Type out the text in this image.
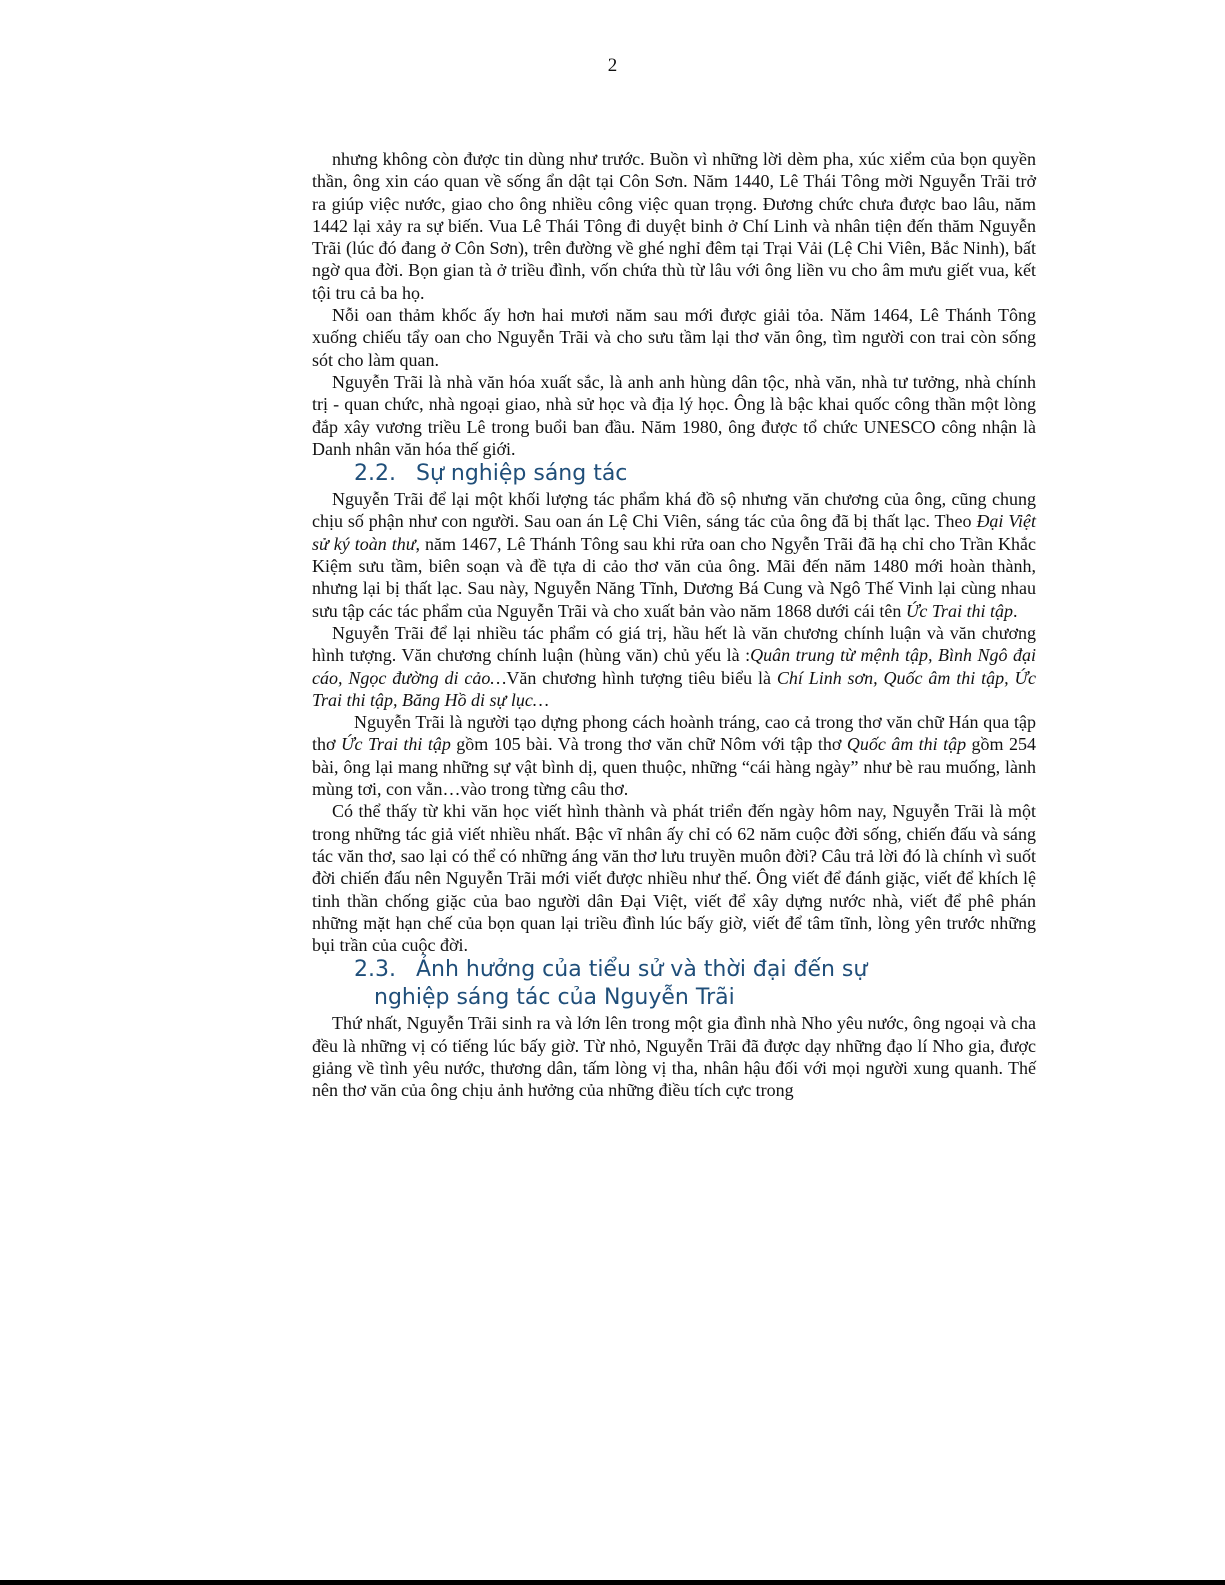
2

nhưng không còn được tin dùng như trước. Buồn vì những lời dèm pha, xúc xiểm của bọn quyền thần, ông xin cáo quan về sống ẩn dật tại Côn Sơn. Năm 1440, Lê Thái Tông mời Nguyễn Trãi trở ra giúp việc nước, giao cho ông nhiều công việc quan trọng. Đương chức chưa được bao lâu, năm 1442 lại xảy ra sự biến. Vua Lê Thái Tông đi duyệt binh ở Chí Linh và nhân tiện đến thăm Nguyễn Trãi (lúc đó đang ở Côn Sơn), trên đường về ghé nghỉ đêm tại Trại Vải (Lệ Chi Viên, Bắc Ninh), bất ngờ qua đời. Bọn gian tà ở triều đình, vốn chứa thù từ lâu với ông liền vu cho âm mưu giết vua, kết tội tru cả ba họ.

Nỗi oan thảm khốc ấy hơn hai mươi năm sau mới được giải tỏa. Năm 1464, Lê Thánh Tông xuống chiếu tẩy oan cho Nguyễn Trãi và cho sưu tầm lại thơ văn ông, tìm người con trai còn sống sót cho làm quan.

Nguyễn Trãi là nhà văn hóa xuất sắc, là anh anh hùng dân tộc, nhà văn, nhà tư tưởng, nhà chính trị - quan chức, nhà ngoại giao, nhà sử học và địa lý học. Ông là bậc khai quốc công thần một lòng đắp xây vương triều Lê trong buổi ban đầu. Năm 1980, ông được tổ chức UNESCO công nhận là Danh nhân văn hóa thế giới.

2.2. Sự nghiệp sáng tác

Nguyễn Trãi để lại một khối lượng tác phẩm khá đồ sộ nhưng văn chương của ông, cũng chung chịu số phận như con người. Sau oan án Lệ Chi Viên, sáng tác của ông đã bị thất lạc. Theo Đại Việt sử ký toàn thư, năm 1467, Lê Thánh Tông sau khi rửa oan cho Ngyễn Trãi đã hạ chỉ cho Trần Khắc Kiệm sưu tầm, biên soạn và đề tựa di cảo thơ văn của ông. Mãi đến năm 1480 mới hoàn thành, nhưng lại bị thất lạc. Sau này, Nguyễn Năng Tĩnh, Dương Bá Cung và Ngô Thế Vinh lại cùng nhau sưu tập các tác phẩm của Nguyễn Trãi và cho xuất bản vào năm 1868 dưới cái tên Ức Trai thi tập.

Nguyễn Trãi để lại nhiều tác phẩm có giá trị, hầu hết là văn chương chính luận và văn chương hình tượng. Văn chương chính luận (hùng văn) chủ yếu là :Quân trung từ mệnh tập, Bình Ngô đại cáo, Ngọc đường di cảo…Văn chương hình tượng tiêu biểu là Chí Linh sơn, Quốc âm thi tập, Ức Trai thi tập, Băng Hồ di sự lục…

Nguyễn Trãi là người tạo dựng phong cách hoành tráng, cao cả trong thơ văn chữ Hán qua tập thơ Ức Trai thi tập gồm 105 bài. Và trong thơ văn chữ Nôm với tập thơ Quốc âm thi tập gồm 254 bài, ông lại mang những sự vật bình dị, quen thuộc, những “cái hàng ngày” như bè rau muống, lành mùng tơi, con vằn…vào trong từng câu thơ.

Có thể thấy từ khi văn học viết hình thành và phát triển đến ngày hôm nay, Nguyễn Trãi là một trong những tác giả viết nhiều nhất. Bậc vĩ nhân ấy chỉ có 62 năm cuộc đời sống, chiến đấu và sáng tác văn thơ, sao lại có thể có những áng văn thơ lưu truyền muôn đời? Câu trả lời đó là chính vì suốt đời chiến đấu nên Nguyễn Trãi mới viết được nhiều như thế. Ông viết để đánh giặc, viết để khích lệ tinh thần chống giặc của bao người dân Đại Việt, viết để xây dựng nước nhà, viết để phê phán những mặt hạn chế của bọn quan lại triều đình lúc bấy giờ, viết để tâm tĩnh, lòng yên trước những bụi trần của cuộc đời.

2.3. Ảnh hưởng của tiểu sử và thời đại đến sự
nghiệp sáng tác của Nguyễn Trãi

Thứ nhất, Nguyễn Trãi sinh ra và lớn lên trong một gia đình nhà Nho yêu nước, ông ngoại và cha đều là những vị có tiếng lúc bấy giờ. Từ nhỏ, Nguyễn Trãi đã được dạy những đạo lí Nho gia, được giảng về tình yêu nước, thương dân, tấm lòng vị tha, nhân hậu đối với mọi người xung quanh. Thế nên thơ văn của ông chịu ảnh hưởng của những điều tích cực trong
